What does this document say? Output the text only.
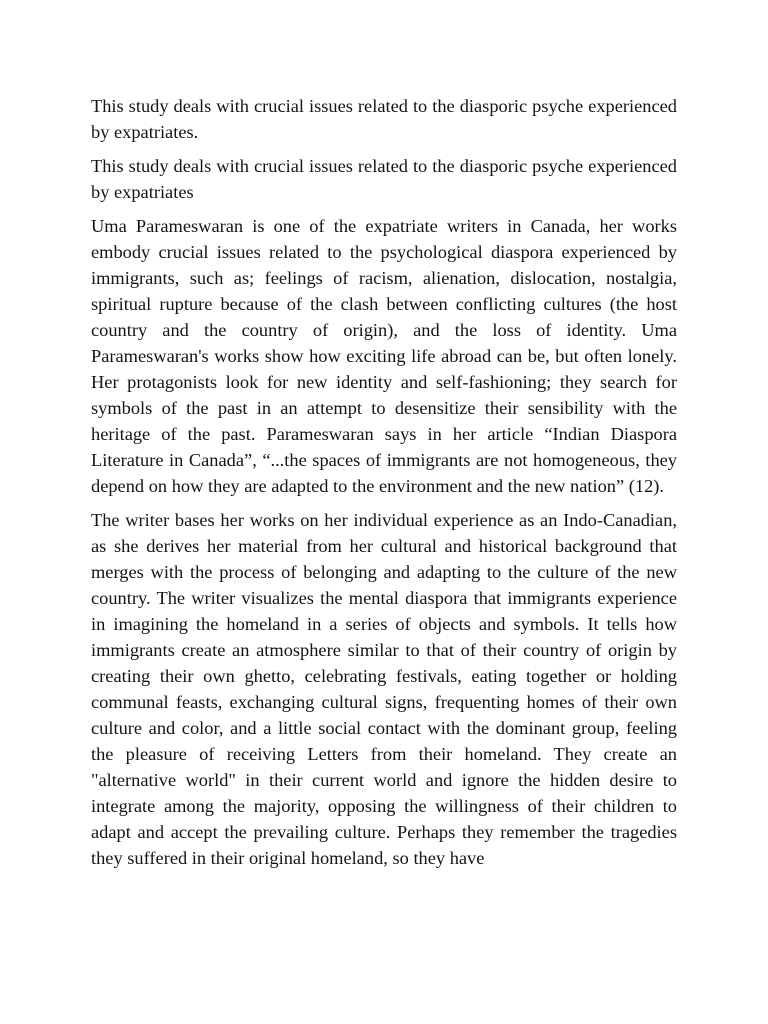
This study deals with crucial issues related to the diasporic psyche experienced by expatriates.

This study deals with crucial issues related to the diasporic psyche experienced by expatriates

Uma Parameswaran is one of the expatriate writers in Canada, her works embody crucial issues related to the psychological diaspora experienced by immigrants, such as; feelings of racism, alienation, dislocation, nostalgia, spiritual rupture because of the clash between conflicting cultures (the host country and the country of origin), and the loss of identity. Uma Parameswaran's works show how exciting life abroad can be, but often lonely. Her protagonists look for new identity and self-fashioning; they search for symbols of the past in an attempt to desensitize their sensibility with the heritage of the past. Parameswaran says in her article “Indian Diaspora Literature in Canada”, “...the spaces of immigrants are not homogeneous, they depend on how they are adapted to the environment and the new nation” (12).

The writer bases her works on her individual experience as an Indo-Canadian, as she derives her material from her cultural and historical background that merges with the process of belonging and adapting to the culture of the new country. The writer visualizes the mental diaspora that immigrants experience in imagining the homeland in a series of objects and symbols. It tells how immigrants create an atmosphere similar to that of their country of origin by creating their own ghetto, celebrating festivals, eating together or holding communal feasts, exchanging cultural signs, frequenting homes of their own culture and color, and a little social contact with the dominant group, feeling the pleasure of receiving Letters from their homeland. They create an "alternative world" in their current world and ignore the hidden desire to integrate among the majority, opposing the willingness of their children to adapt and accept the prevailing culture. Perhaps they remember the tragedies they suffered in their original homeland, so they have
